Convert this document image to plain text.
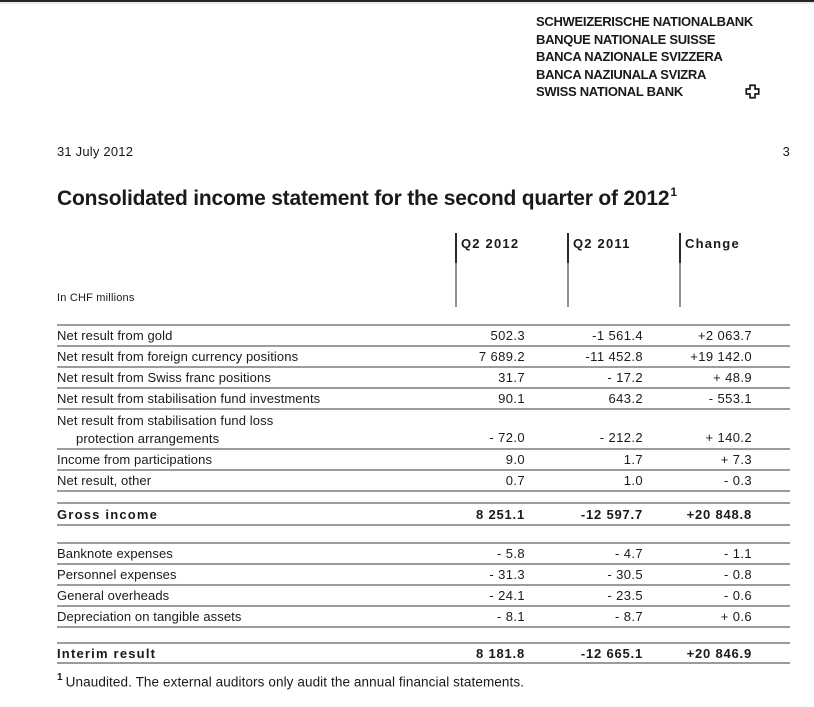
SCHWEIZERISCHE NATIONALBANK
BANQUE NATIONALE SUISSE
BANCA NAZIONALE SVIZZERA
BANCA NAZIUNALA SVIZRA
SWISS NATIONAL BANK
31 July 2012	3
Consolidated income statement for the second quarter of 2012$^1$
In CHF millions
Q2 2012	Q2 2011	Change
Net result from gold	502.3	-1 561.4	+2 063.7
Net result from foreign currency positions	7 689.2	-11 452.8	+19 142.0
Net result from Swiss franc positions	31.7	- 17.2	+ 48.9
Net result from stabilisation fund investments	90.1	643.2	- 553.1
Net result from stabilisation fund loss
protection arrangements	- 72.0	- 212.2	+ 140.2
Income from participations	9.0	1.7	+ 7.3
Net result, other	0.7	1.0	- 0.3
Gross income	8 251.1	-12 597.7	+20 848.8
Banknote expenses	- 5.8	- 4.7	- 1.1
Personnel expenses	- 31.3	- 30.5	- 0.8
General overheads	- 24.1	- 23.5	- 0.6
Depreciation on tangible assets	- 8.1	- 8.7	+ 0.6
Interim result	8 181.8	-12 665.1	+20 846.9
$^1$ Unaudited. The external auditors only audit the annual financial statements.
